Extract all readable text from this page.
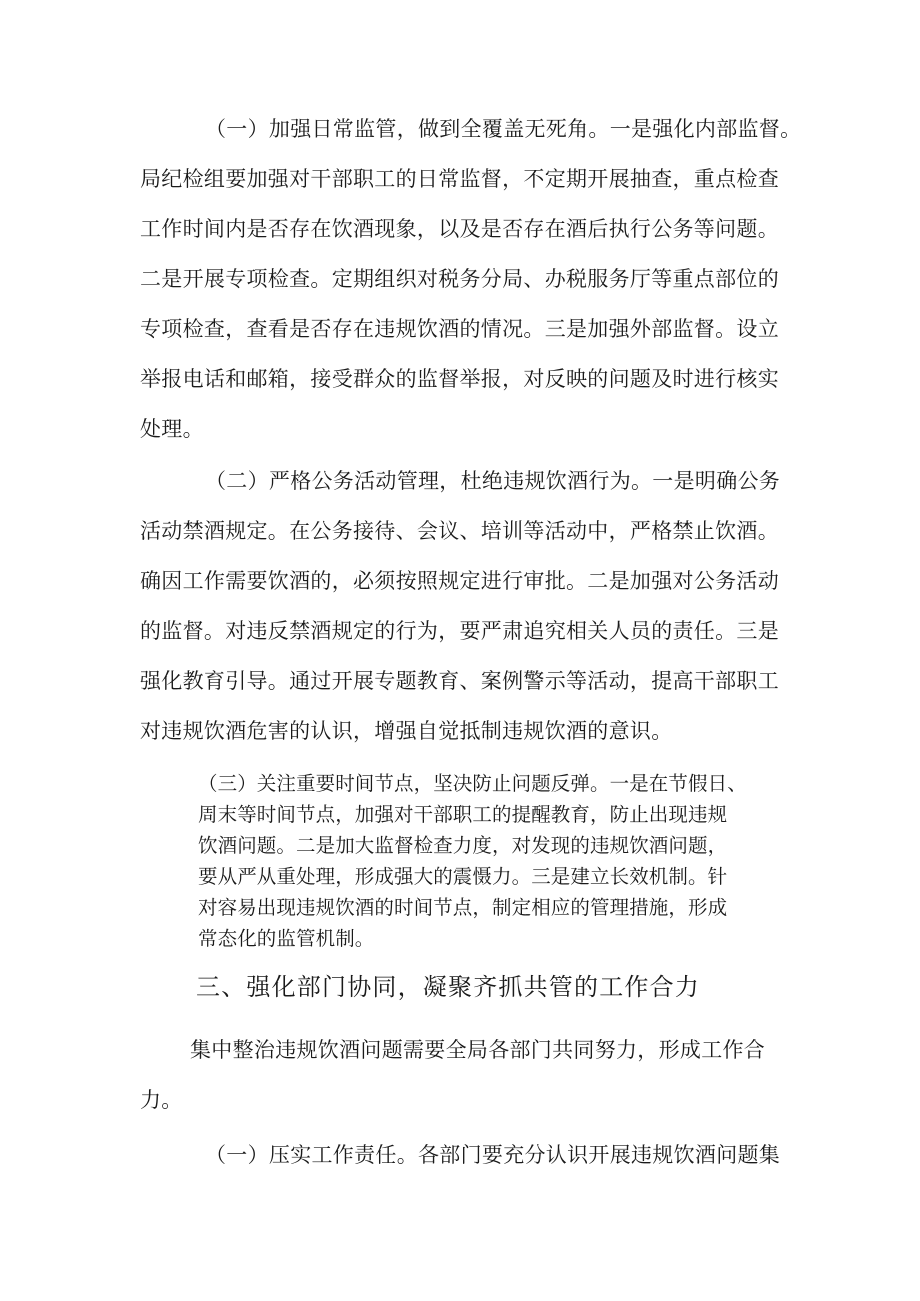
（一）加强日常监管，做到全覆盖无死角。一是强化内部监督。
局纪检组要加强对干部职工的日常监督，不定期开展抽查，重点检查
工作时间内是否存在饮酒现象，以及是否存在酒后执行公务等问题。
二是开展专项检查。定期组织对税务分局、办税服务厅等重点部位的
专项检查，查看是否存在违规饮酒的情况。三是加强外部监督。设立
举报电话和邮箱，接受群众的监督举报，对反映的问题及时进行核实
处理。
（二）严格公务活动管理，杜绝违规饮酒行为。一是明确公务
活动禁酒规定。在公务接待、会议、培训等活动中，严格禁止饮酒。
确因工作需要饮酒的，必须按照规定进行审批。二是加强对公务活动
的监督。对违反禁酒规定的行为，要严肃追究相关人员的责任。三是
强化教育引导。通过开展专题教育、案例警示等活动，提高干部职工
对违规饮酒危害的认识，增强自觉抵制违规饮酒的意识。
（三）关注重要时间节点，坚决防止问题反弹。一是在节假日、
周末等时间节点，加强对干部职工的提醒教育，防止出现违规
饮酒问题。二是加大监督检查力度，对发现的违规饮酒问题，
要从严从重处理，形成强大的震慑力。三是建立长效机制。针
对容易出现违规饮酒的时间节点，制定相应的管理措施，形成
常态化的监管机制。
三、强化部门协同，凝聚齐抓共管的工作合力
集中整治违规饮酒问题需要全局各部门共同努力，形成工作合
力。
（一）压实工作责任。各部门要充分认识开展违规饮酒问题集
